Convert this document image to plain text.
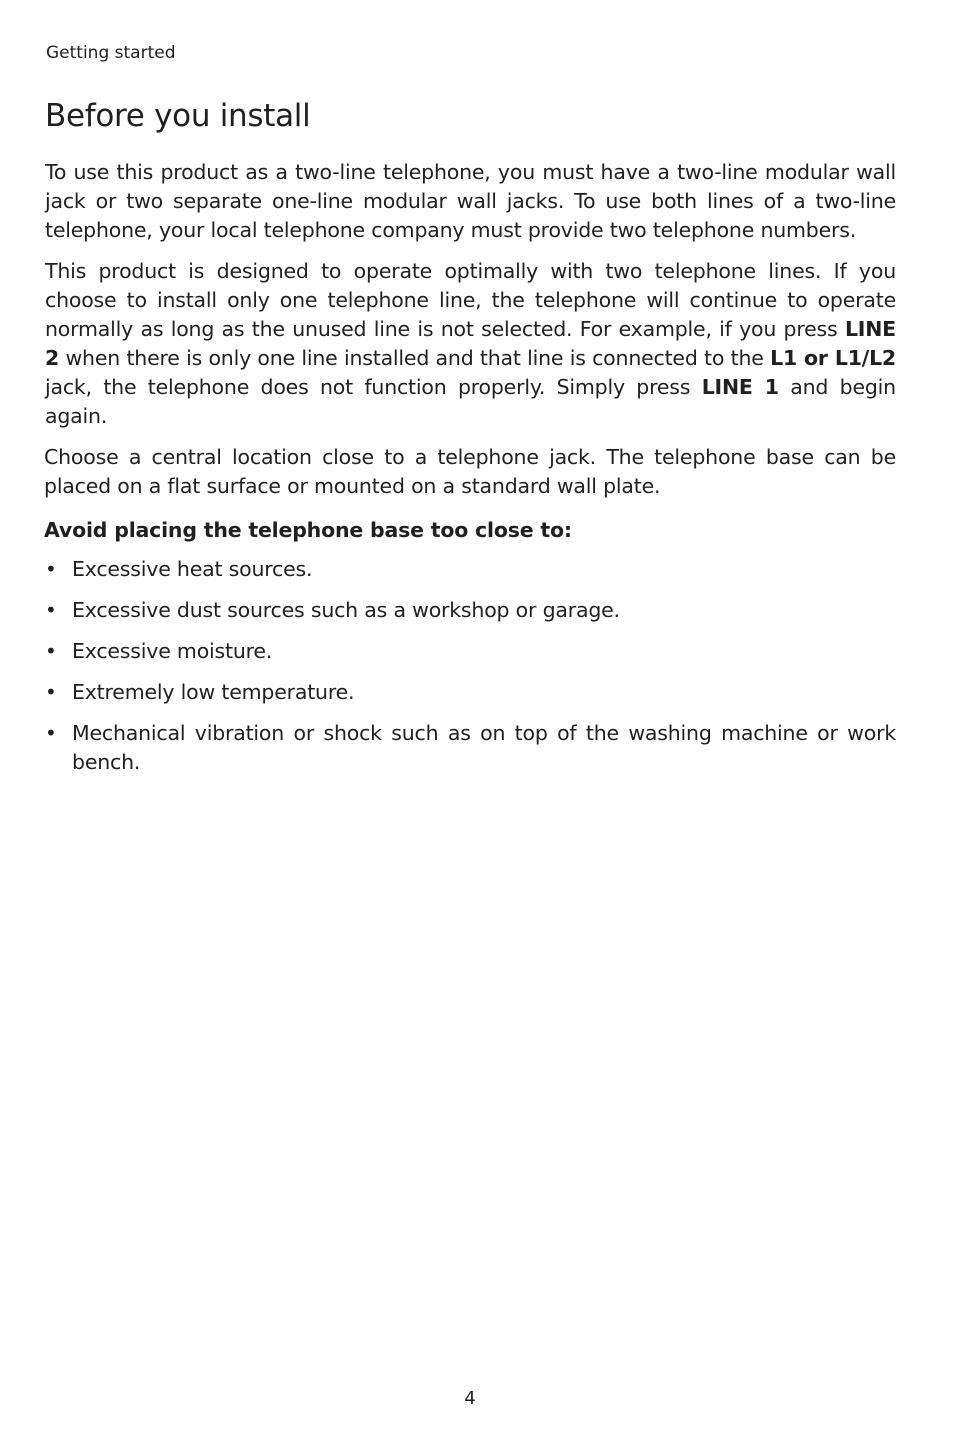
Getting started
Before you install

To use this product as a two-line telephone, you must have a two-line modular wall jack or two separate one-line modular wall jacks. To use both lines of a two-line telephone, your local telephone company must provide two telephone numbers.

This product is designed to operate optimally with two telephone lines. If you choose to install only one telephone line, the telephone will continue to operate normally as long as the unused line is not selected. For example, if you press LINE 2 when there is only one line installed and that line is connected to the L1 or L1/L2 jack, the telephone does not function properly. Simply press LINE 1 and begin again.

Choose a central location close to a telephone jack. The telephone base can be placed on a flat surface or mounted on a standard wall plate.

Avoid placing the telephone base too close to:
• Excessive heat sources.
• Excessive dust sources such as a workshop or garage.
• Excessive moisture.
• Extremely low temperature.
• Mechanical vibration or shock such as on top of the washing machine or work bench.
4
